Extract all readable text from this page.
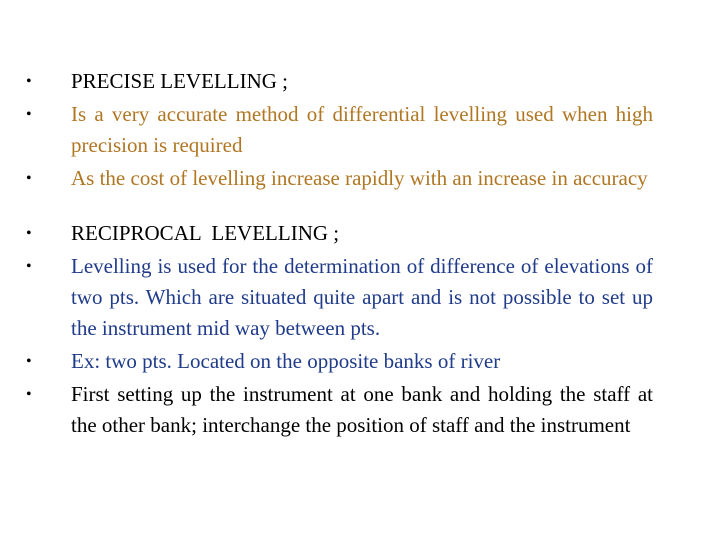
• PRECISE LEVELLING ;
• Is a very accurate method of differential levelling used when high precision is required
• As the cost of levelling increase rapidly with an increase in accuracy
• RECIPROCAL  LEVELLING ;
• Levelling is used for the determination of difference of elevations of two pts. Which are situated quite apart and is not possible to set up the instrument mid way between pts.
• Ex: two pts. Located on the opposite banks of river
• First setting up the instrument at one bank and holding the staff at the other bank; interchange the position of staff and the instrument
